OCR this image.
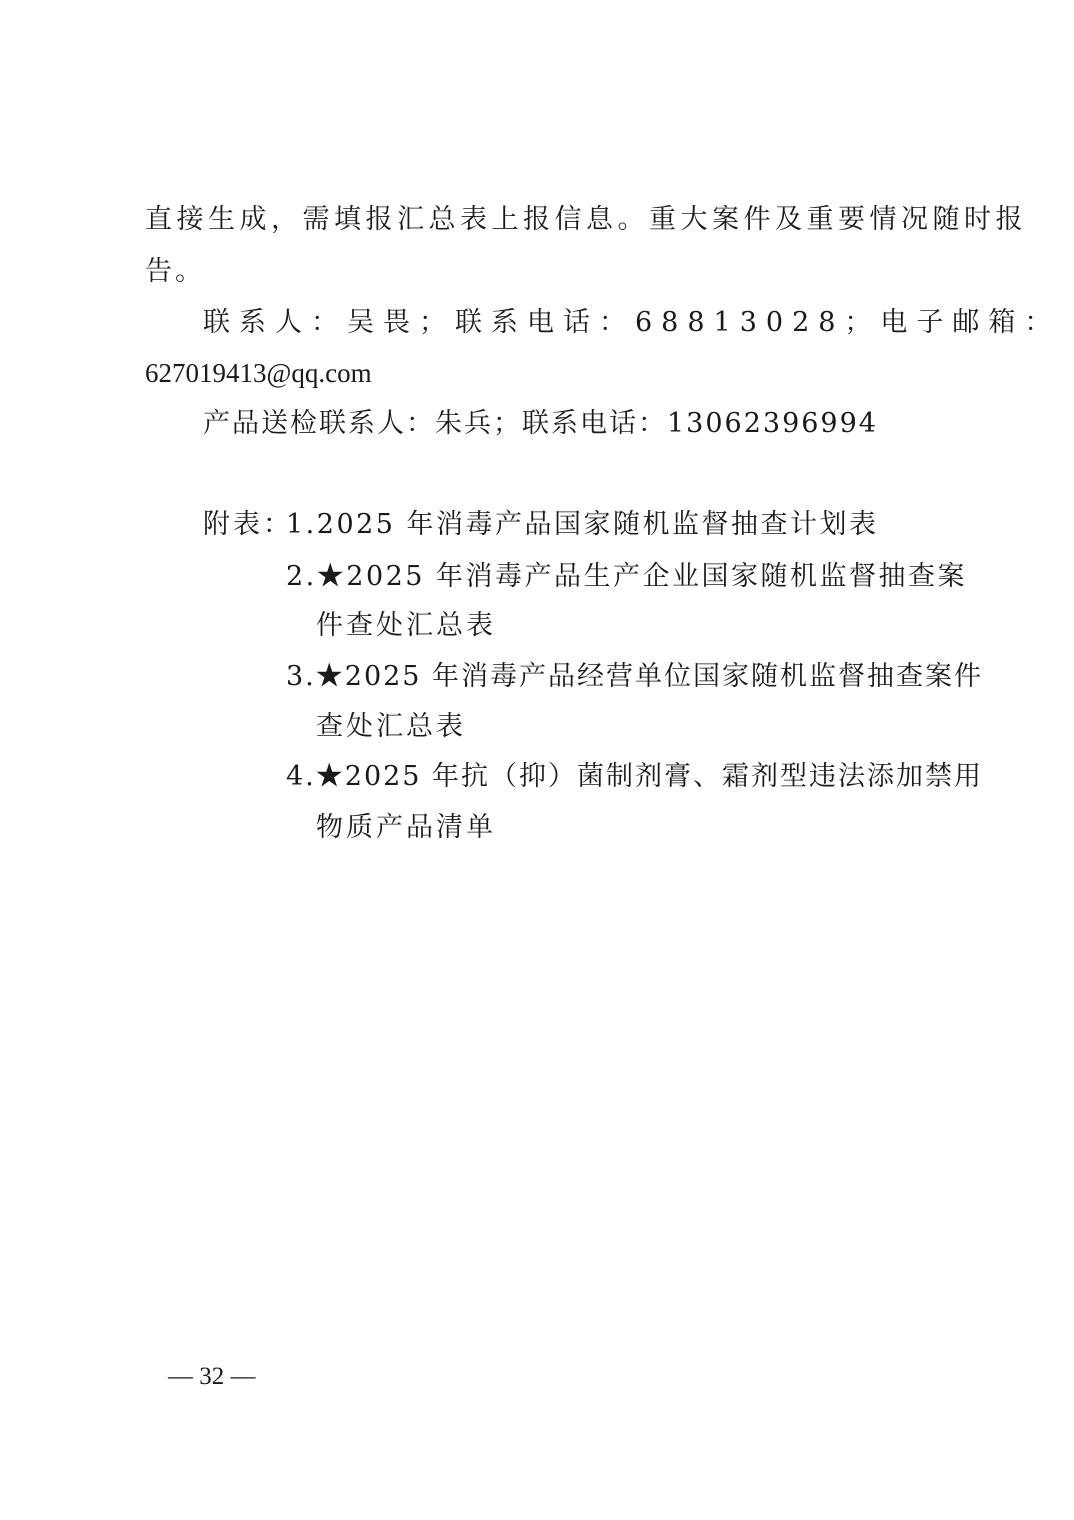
直接生成，需填报汇总表上报信息。重大案件及重要情况随时报
告。
联系人：吴畏；联系电话：68813028；电子邮箱：
627019413@qq.com
产品送检联系人：朱兵；联系电话：13062396994
附表：
1.2025 年消毒产品国家随机监督抽查计划表
2.★2025 年消毒产品生产企业国家随机监督抽查案
件查处汇总表
3.★2025 年消毒产品经营单位国家随机监督抽查案件
查处汇总表
4.★2025 年抗（抑）菌制剂膏、霜剂型违法添加禁用
物质产品清单
— 32 —
